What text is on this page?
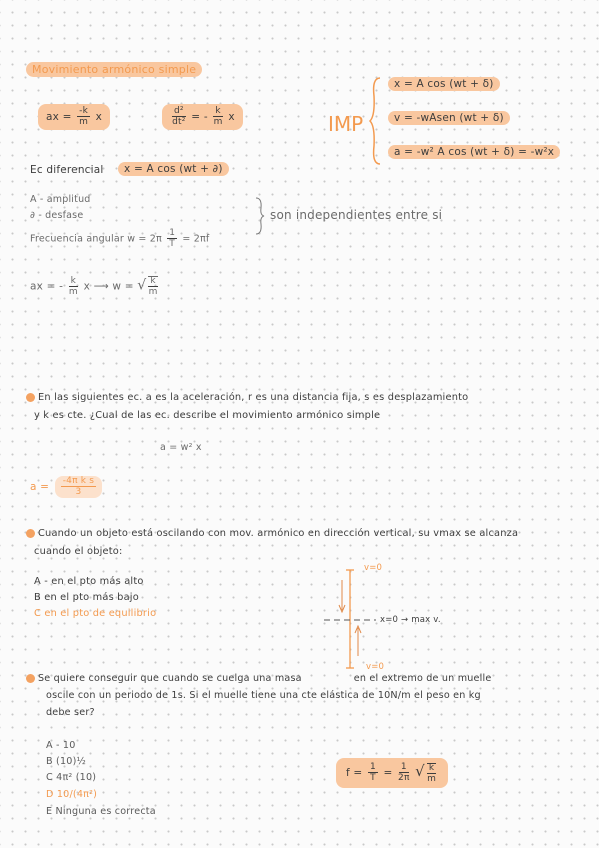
Movimiento armónico simple
ax = $\frac{-k}{m}$ x	$\frac{\text{d²}}{\text{dt²}}$ = - $\frac{k}{m}$ x	IMP
x = A cos (wt + δ)
v = -wAsen (wt + δ)
a = -w² A cos (wt + δ) = -w²x
Ec diferencial	x = A cos (wt + ∂)
A - amplitud
∂ - desfase
Frecuencia angular $w = 2\pi \frac{1}{T} = 2\pi f$
son independientes entre si
ax = - $\frac{k}{m}$ x ⟶ w = √ $\frac{k}{m}$
En las siguientes ec. a es la aceleración, r es una distancia fija, s es desplazamiento
y k es cte. ¿Cual de las ec. describe el movimiento armónico simple
a = w² x
$a = \frac{\text{-4π k s}}{3}$
Cuando un objeto está oscilando con mov. armónico en dirección vertical, su vmax se alcanza
cuando el objeto:
A - en el pto más alto
B en el pto más bajo
C en el pto de equilibrio
v=0
v=0
x=0 → max v.
Se quiere conseguir que cuando se cuelga una masa                en el extremo de un muelle
oscile con un periodo de 1s. Si el muelle tiene una cte elástica de 10N/m el peso en kg
debe ser?
A - 10
B (10)½
C 4π² (10)
D 10/(4π²)
E Ninguna es correcta
$f = \frac{1}{T} = \frac{1}{2\pi}$ √ $\frac{k}{m}$
